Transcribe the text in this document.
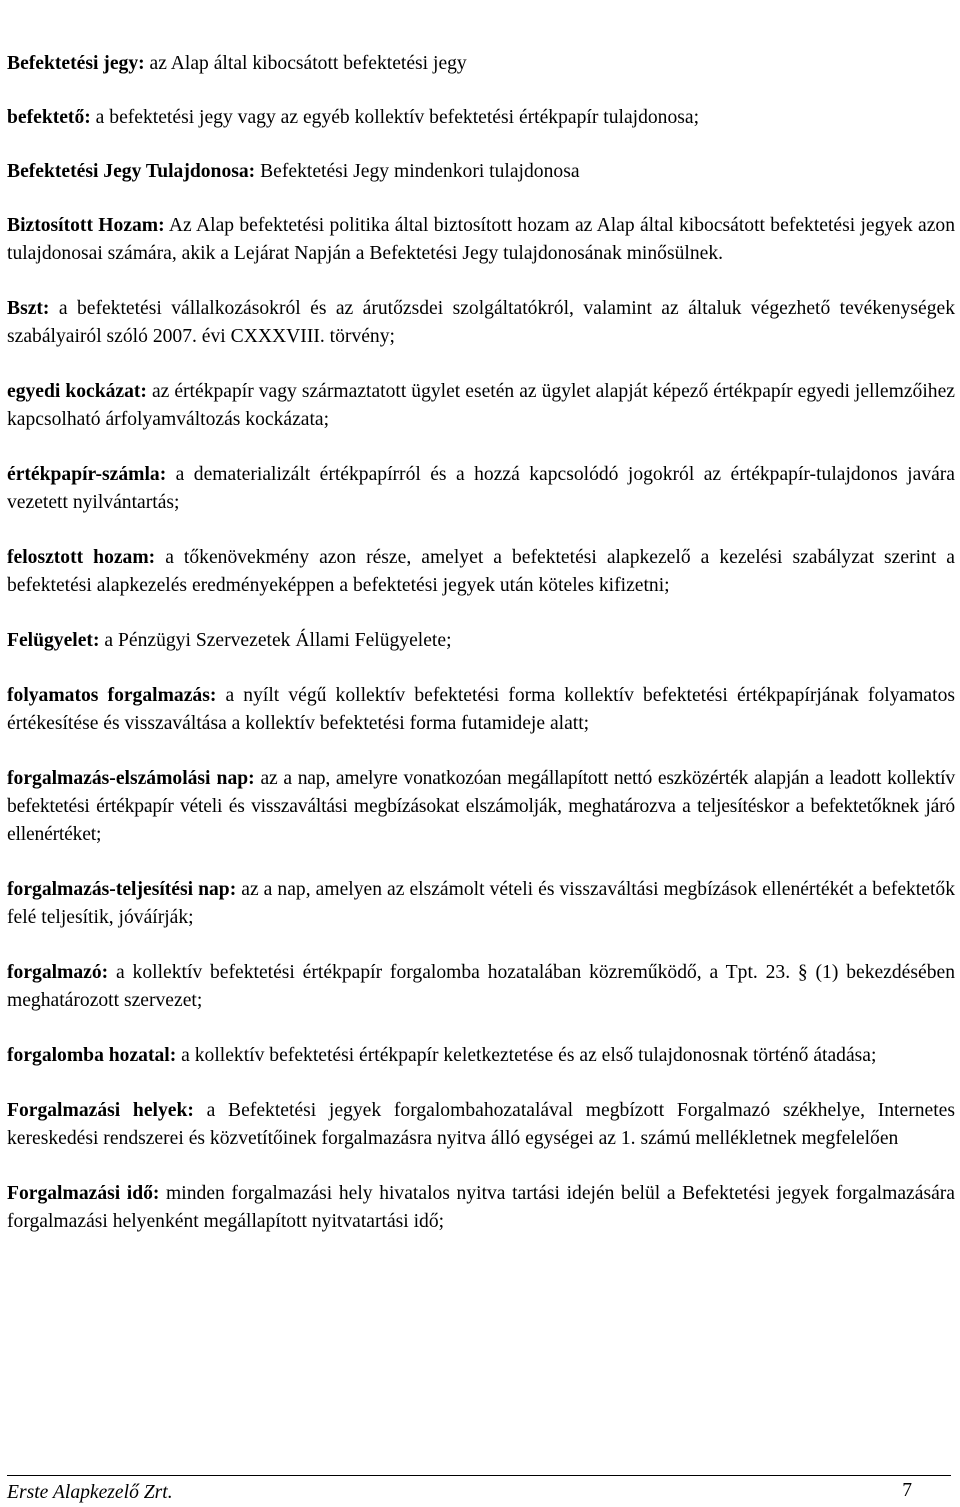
Befektetési jegy: az Alap által kibocsátott befektetési jegy

befektető: a befektetési jegy vagy az egyéb kollektív befektetési értékpapír tulajdonosa;

Befektetési Jegy Tulajdonosa: Befektetési Jegy mindenkori tulajdonosa

Biztosított Hozam: Az Alap befektetési politika által biztosított hozam az Alap által kibocsátott befektetési jegyek azon tulajdonosai számára, akik a Lejárat Napján a Befektetési Jegy tulajdonosának minősülnek.

Bszt: a befektetési vállalkozásokról és az árutőzsdei szolgáltatókról, valamint az általuk végezhető tevékenységek szabályairól szóló 2007. évi CXXXVIII. törvény;

egyedi kockázat: az értékpapír vagy származtatott ügylet esetén az ügylet alapját képező értékpapír egyedi jellemzőihez kapcsolható árfolyamváltozás kockázata;

értékpapír-számla: a dematerializált értékpapírról és a hozzá kapcsolódó jogokról az értékpapír-tulajdonos javára vezetett nyilvántartás;

felosztott hozam: a tőkenövekmény azon része, amelyet a befektetési alapkezelő a kezelési szabályzat szerint a befektetési alapkezelés eredményeképpen a befektetési jegyek után köteles kifizetni;

Felügyelet: a Pénzügyi Szervezetek Állami Felügyelete;

folyamatos forgalmazás: a nyílt végű kollektív befektetési forma kollektív befektetési értékpapírjának folyamatos értékesítése és visszaváltása a kollektív befektetési forma futamideje alatt;

forgalmazás-elszámolási nap: az a nap, amelyre vonatkozóan megállapított nettó eszközérték alapján a leadott kollektív befektetési értékpapír vételi és visszaváltási megbízásokat elszámolják, meghatározva a teljesítéskor a befektetőknek járó ellenértéket;

forgalmazás-teljesítési nap: az a nap, amelyen az elszámolt vételi és visszaváltási megbízások ellenértékét a befektetők felé teljesítik, jóváírják;

forgalmazó: a kollektív befektetési értékpapír forgalomba hozatalában közreműködő, a Tpt. 23. § (1) bekezdésében meghatározott szervezet;

forgalomba hozatal: a kollektív befektetési értékpapír keletkeztetése és az első tulajdonosnak történő átadása;

Forgalmazási helyek: a Befektetési jegyek forgalombahozatalával megbízott Forgalmazó székhelye, Internetes kereskedési rendszerei és közvetítőinek forgalmazásra nyitva álló egységei az 1. számú mellékletnek megfelelően

Forgalmazási idő: minden forgalmazási hely hivatalos nyitva tartási idején belül a Befektetési jegyek forgalmazására forgalmazási helyenként megállapított nyitvatartási idő;

Erste Alapkezelő Zrt.	7
